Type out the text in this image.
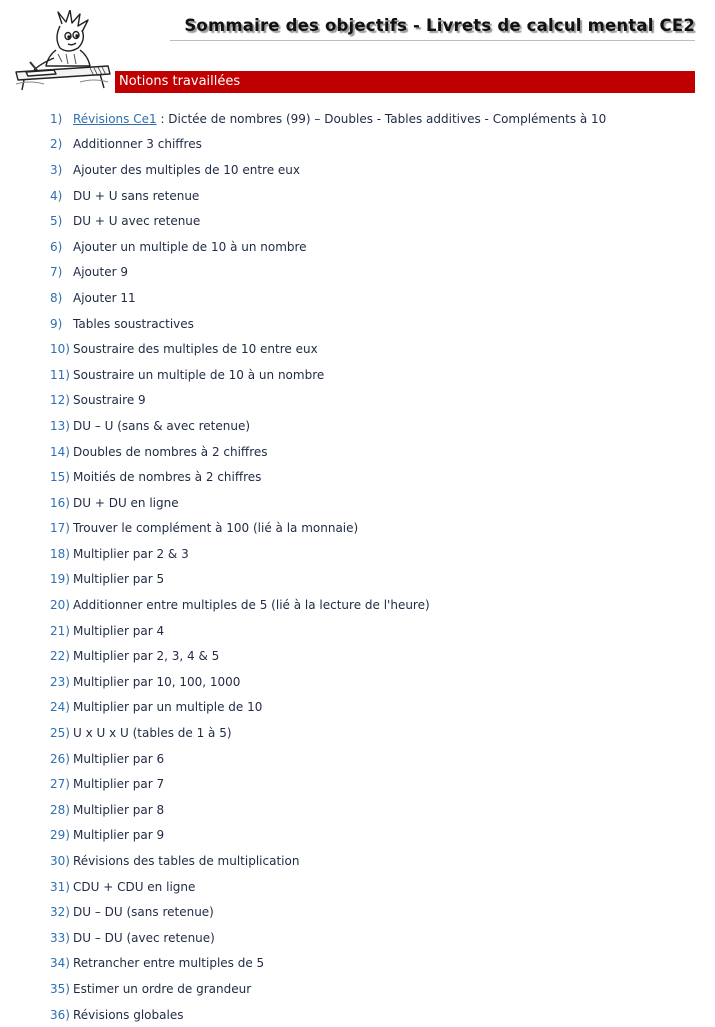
Sommaire des objectifs - Livrets de calcul mental CE2
Notions travaillées
1) Révisions Ce1 : Dictée de nombres (99) – Doubles - Tables additives - Compléments à 10
2) Additionner 3 chiffres
3) Ajouter des multiples de 10 entre eux
4) DU + U sans retenue
5) DU + U avec retenue
6) Ajouter un multiple de 10 à un nombre
7) Ajouter 9
8) Ajouter 11
9) Tables soustractives
10) Soustraire des multiples de 10 entre eux
11) Soustraire un multiple de 10 à un nombre
12) Soustraire 9
13) DU – U (sans & avec retenue)
14) Doubles de nombres à 2 chiffres
15) Moitiés de nombres à 2 chiffres
16) DU + DU en ligne
17) Trouver le complément à 100 (lié à la monnaie)
18) Multiplier par 2 & 3
19) Multiplier par 5
20) Additionner entre multiples de 5 (lié à la lecture de l'heure)
21) Multiplier par 4
22) Multiplier par 2, 3, 4 & 5
23) Multiplier par 10, 100, 1000
24) Multiplier par un multiple de 10
25) U x U x U (tables de 1 à 5)
26) Multiplier par 6
27) Multiplier par 7
28) Multiplier par 8
29) Multiplier par 9
30) Révisions des tables de multiplication
31) CDU + CDU en ligne
32) DU – DU (sans retenue)
33) DU – DU (avec retenue)
34) Retrancher entre multiples de 5
35) Estimer un ordre de grandeur
36) Révisions globales
